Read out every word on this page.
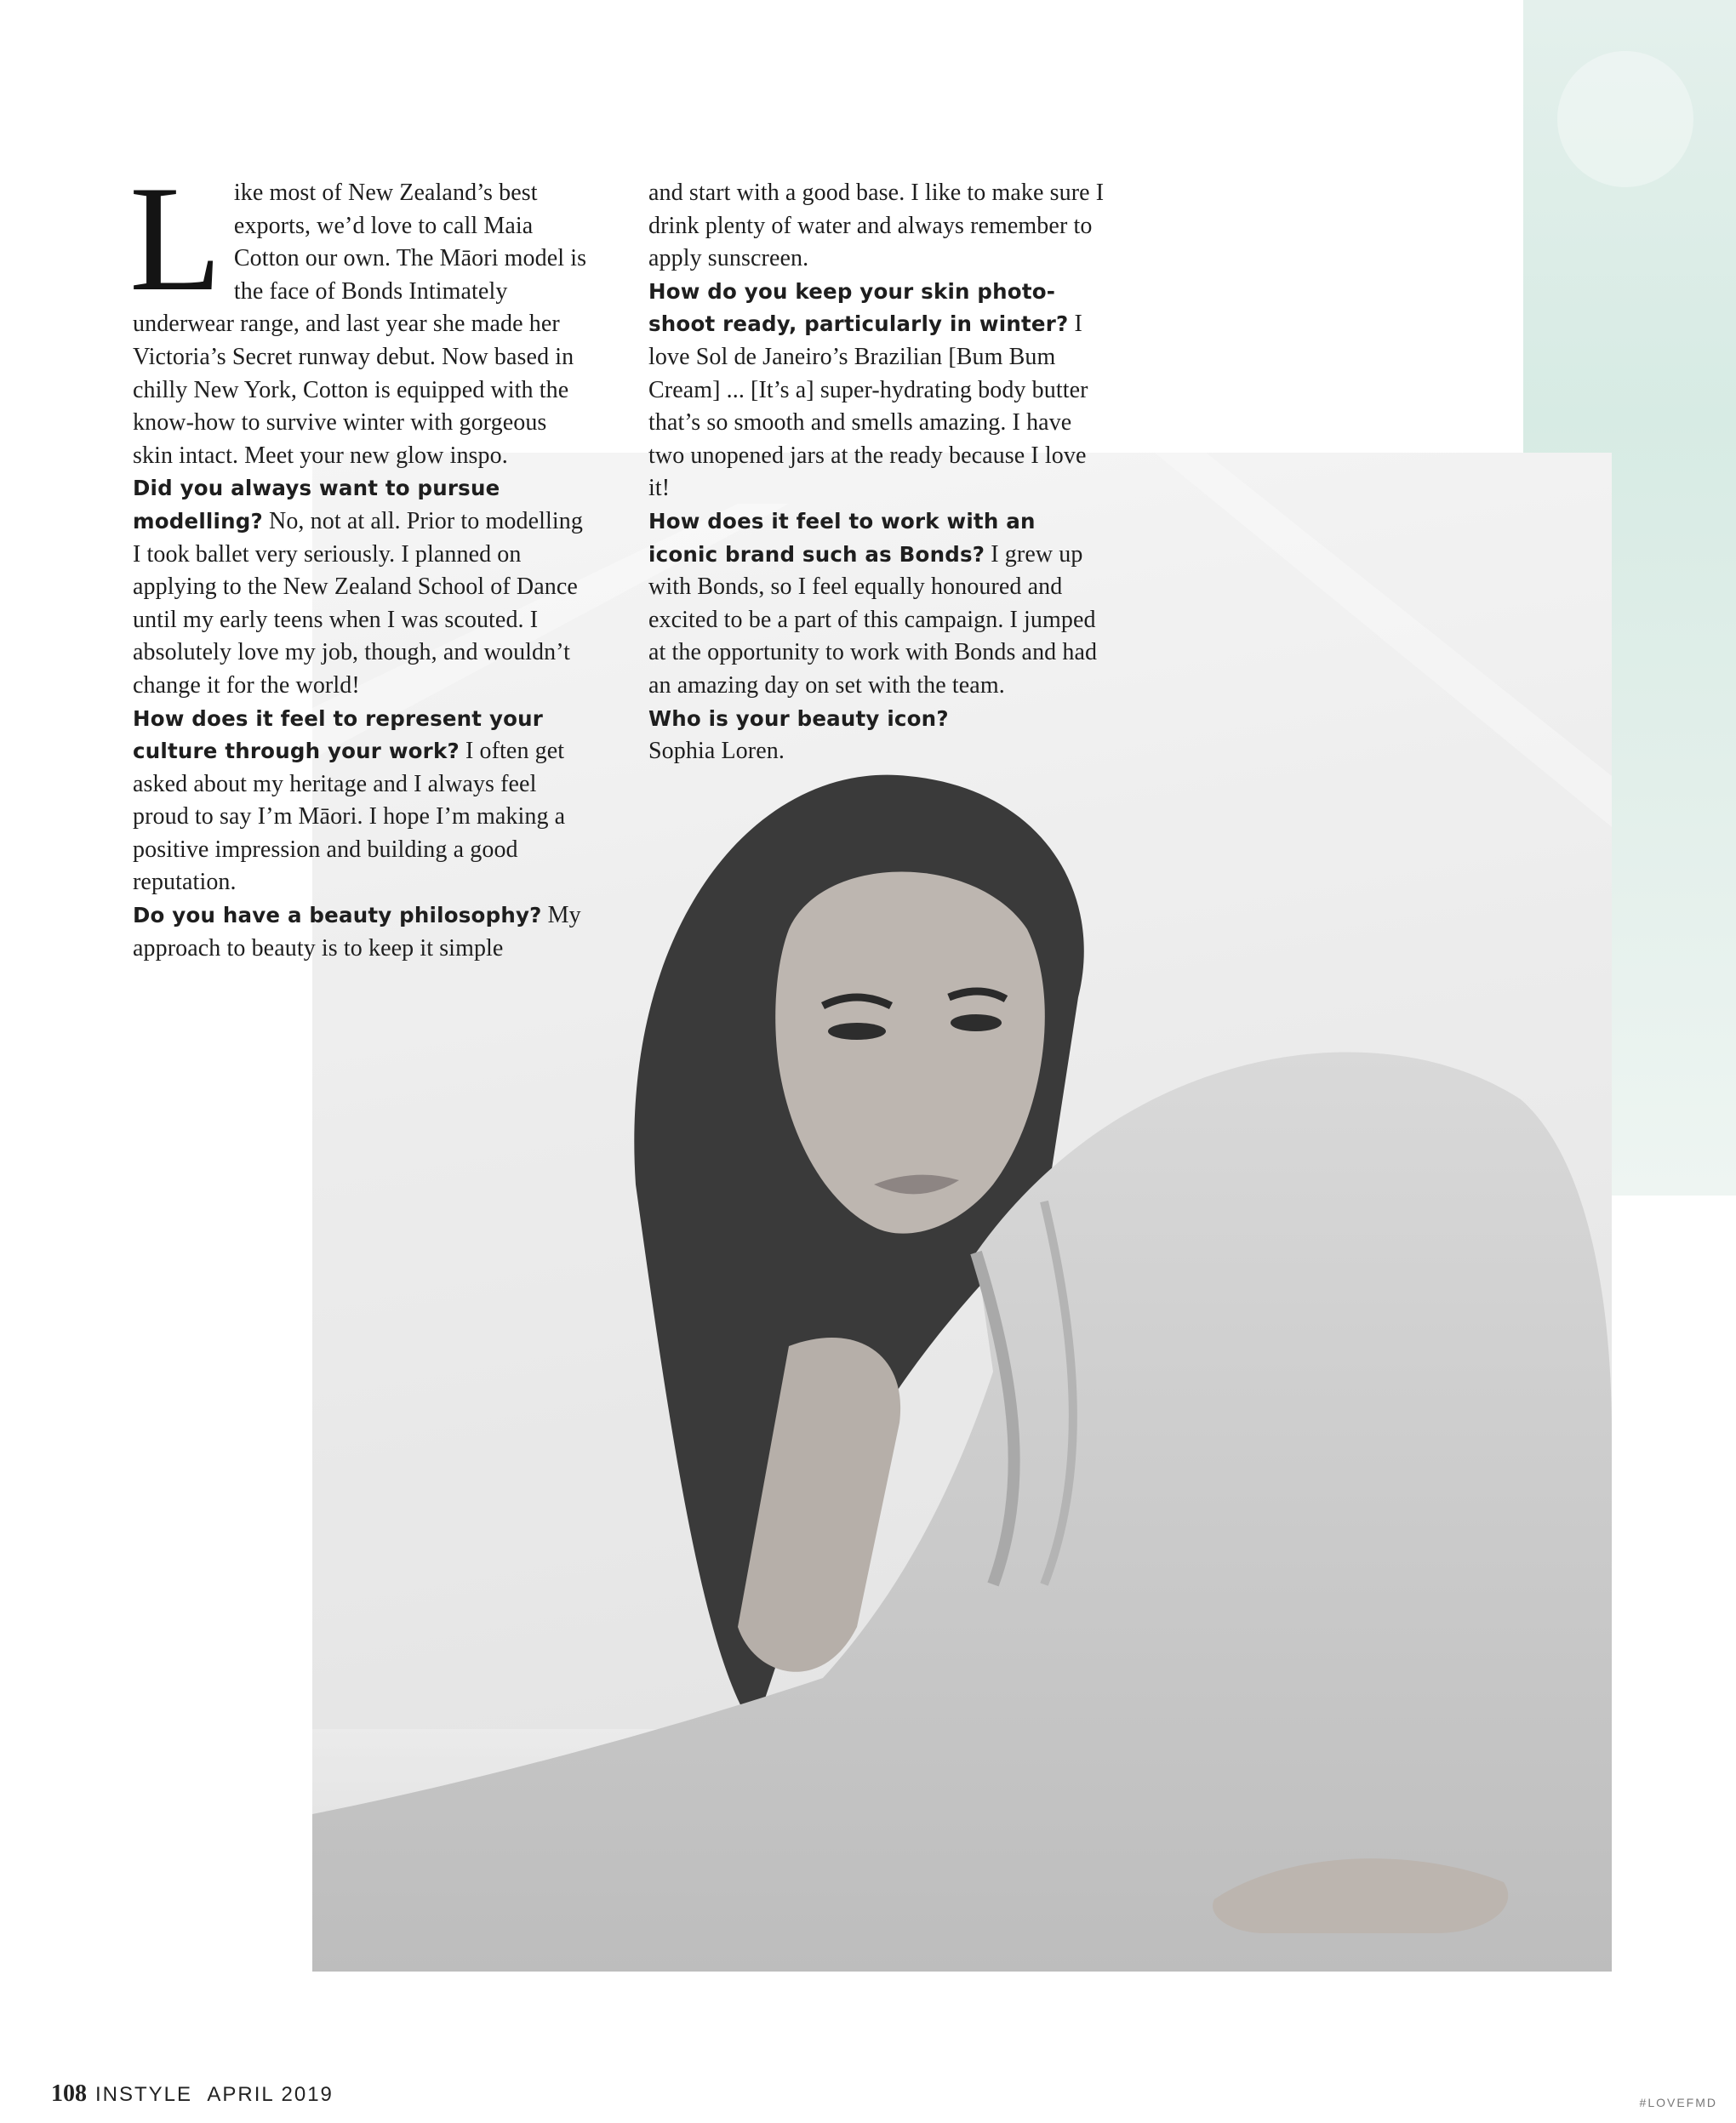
L ike most of New Zealand’s best exports, we’d love to call Maia Cotton our own. The Māori model is the face of Bonds Intimately underwear range, and last year she made her Victoria’s Secret runway debut. Now based in chilly New York, Cotton is equipped with the know-how to survive winter with gorgeous skin intact. Meet your new glow inspo.

Did you always want to pursue modelling? No, not at all. Prior to modelling I took ballet very seriously. I planned on applying to the New Zealand School of Dance until my early teens when I was scouted. I absolutely love my job, though, and wouldn’t change it for the world!

How does it feel to represent your culture through your work? I often get asked about my heritage and I always feel proud to say I’m Māori. I hope I’m making a positive impression and building a good reputation.

Do you have a beauty philosophy? My approach to beauty is to keep it simple

and start with a good base. I like to make sure I drink plenty of water and always remember to apply sunscreen.

How do you keep your skin photo-shoot ready, particularly in winter? I love Sol de Janeiro’s Brazilian [Bum Bum Cream] ... [It’s a] super-hydrating body butter that’s so smooth and smells amazing. I have two unopened jars at the ready because I love it!

How does it feel to work with an iconic brand such as Bonds? I grew up with Bonds, so I feel equally honoured and excited to be a part of this campaign. I jumped at the opportunity to work with Bonds and had an amazing day on set with the team.

Who is your beauty icon?
Sophia Loren.

108 INSTYLE APRIL 2019	#LOVEFMD
